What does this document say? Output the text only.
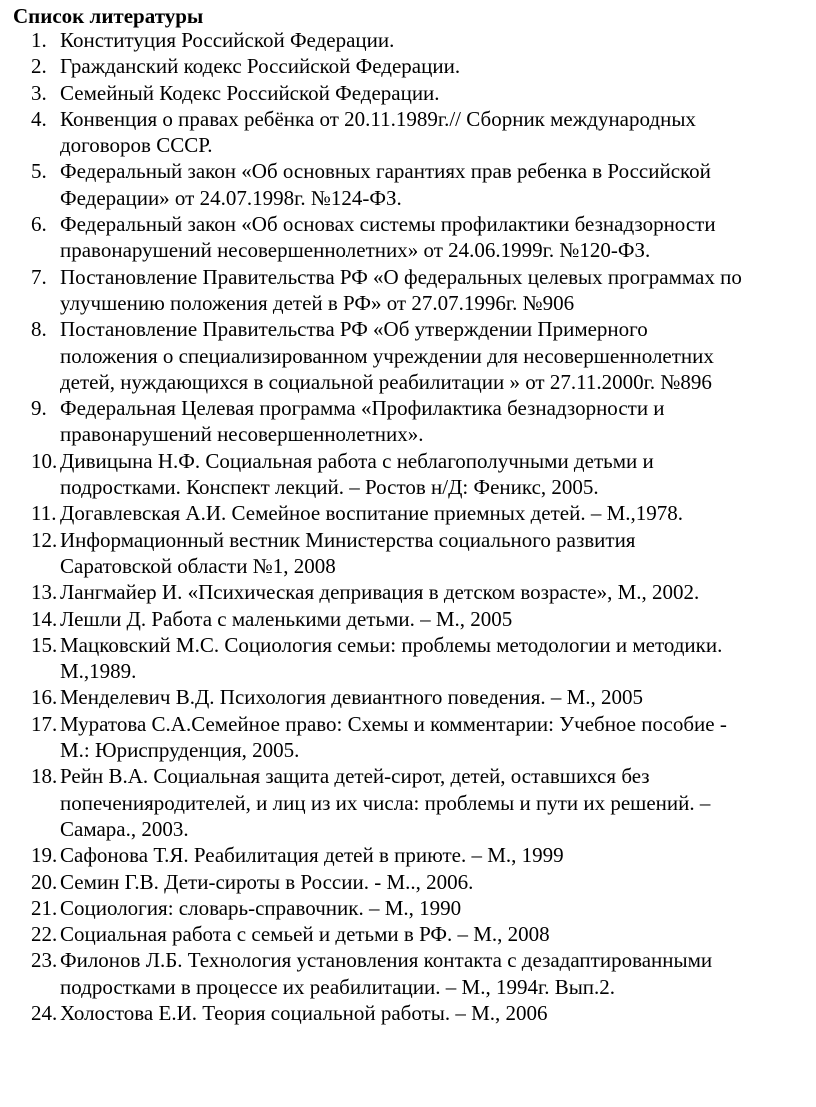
Список литературы
1. Конституция Российской Федерации.
2. Гражданский кодекс Российской Федерации.
3. Семейный Кодекс Российской Федерации.
4. Конвенция о правах ребёнка от 20.11.1989г.// Сборник международных
договоров СССР.
5. Федеральный закон «Об основных гарантиях прав ребенка в Российской
Федерации» от 24.07.1998г. №124-ФЗ.
6. Федеральный закон «Об основах системы профилактики безнадзорности
правонарушений несовершеннолетних» от 24.06.1999г. №120-ФЗ.
7. Постановление Правительства РФ «О федеральных целевых программах по
улучшению положения детей в РФ» от 27.07.1996г. №906
8. Постановление Правительства РФ «Об утверждении Примерного
положения о специализированном учреждении для несовершеннолетних
детей, нуждающихся в социальной реабилитации » от 27.11.2000г. №896
9. Федеральная Целевая программа «Профилактика безнадзорности и
правонарушений несовершеннолетних».
10. Дивицына Н.Ф. Социальная работа с неблагополучными детьми и
подростками. Конспект лекций. – Ростов н/Д: Феникс, 2005.
11. Догавлевская А.И. Семейное воспитание приемных детей. – М.,1978.
12. Информационный вестник Министерства социального развития
Саратовской области №1, 2008
13. Лангмайер И. «Психическая депривация в детском возрасте», М., 2002.
14. Лешли Д. Работа с маленькими детьми. – М., 2005
15. Мацковский М.С. Социология семьи: проблемы методологии и методики.
М.,1989.
16. Менделевич В.Д. Психология девиантного поведения. – М., 2005
17. Муратова С.А.Семейное право: Схемы и комментарии: Учебное пособие -
М.: Юриспруденция, 2005.
18. Рейн В.А. Социальная защита детей-сирот, детей, оставшихся без
попеченияродителей, и лиц из их числа: проблемы и пути их решений. –
Самара., 2003.
19. Сафонова Т.Я. Реабилитация детей в приюте. – М., 1999
20. Семин Г.В. Дети-сироты в России. - М.., 2006.
21. Социология: словарь-справочник. – М., 1990
22. Социальная работа с семьей и детьми в РФ. – М., 2008
23. Филонов Л.Б. Технология установления контакта с дезадаптированными
подростками в процессе их реабилитации. – М., 1994г. Вып.2.
24. Холостова Е.И. Теория социальной работы. – М., 2006
